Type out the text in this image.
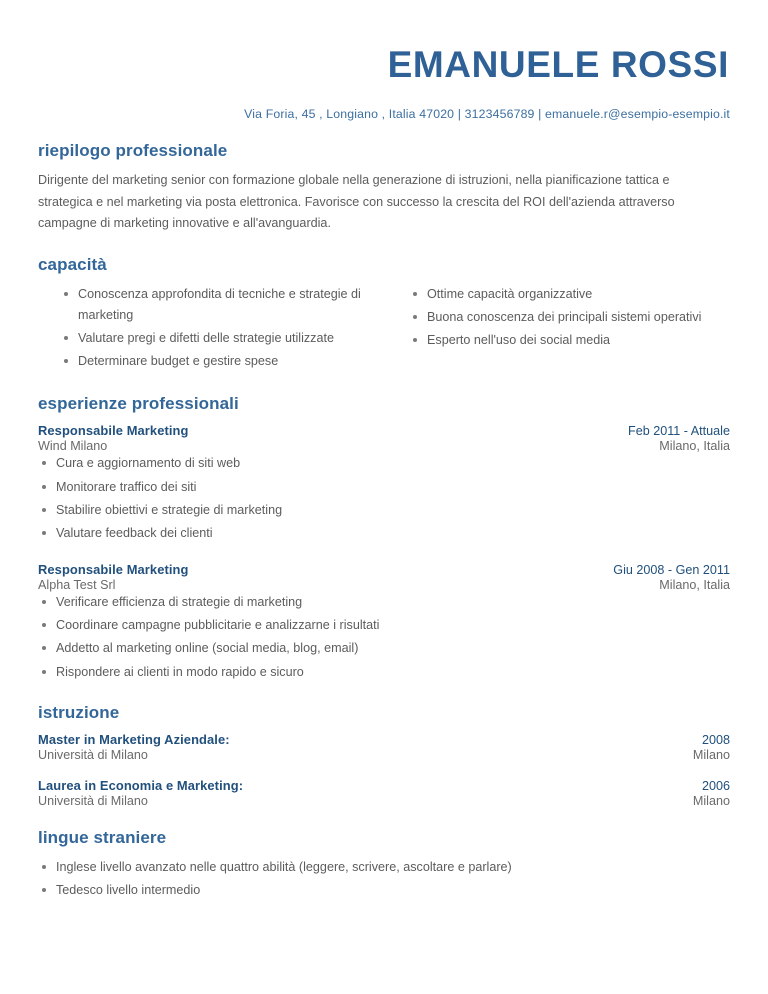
EMANUELE ROSSI
Via Foria, 45 , Longiano , Italia 47020 | 3123456789 | emanuele.r@esempio-esempio.it
riepilogo professionale

Dirigente del marketing senior con formazione globale nella generazione di istruzioni, nella pianificazione tattica e strategica e nel marketing via posta elettronica. Favorisce con successo la crescita del ROI dell'azienda attraverso campagne di marketing innovative e all'avanguardia.

capacità
Conoscenza approfondita di tecniche e strategie di marketing
Valutare pregi e difetti delle strategie utilizzate
Determinare budget e gestire spese
Ottime capacità organizzative
Buona conoscenza dei principali sistemi operativi
Esperto nell'uso dei social media
esperienze professionali
Responsabile Marketing	Feb 2011 - Attuale
Wind Milano	Milano, Italia
Cura e aggiornamento di siti web
Monitorare traffico dei siti
Stabilire obiettivi e strategie di marketing
Valutare feedback dei clienti
Responsabile Marketing	Giu 2008 - Gen 2011
Alpha Test Srl	Milano, Italia
Verificare efficienza di strategie di marketing
Coordinare campagne pubblicitarie e analizzarne i risultati
Addetto al marketing online (social media, blog, email)
Rispondere ai clienti in modo rapido e sicuro
istruzione
Master in Marketing Aziendale:	2008
Università di Milano	Milano
Laurea in Economia e Marketing:	2006
Università di Milano	Milano
lingue straniere
Inglese livello avanzato nelle quattro abilità (leggere, scrivere, ascoltare e parlare)
Tedesco livello intermedio
